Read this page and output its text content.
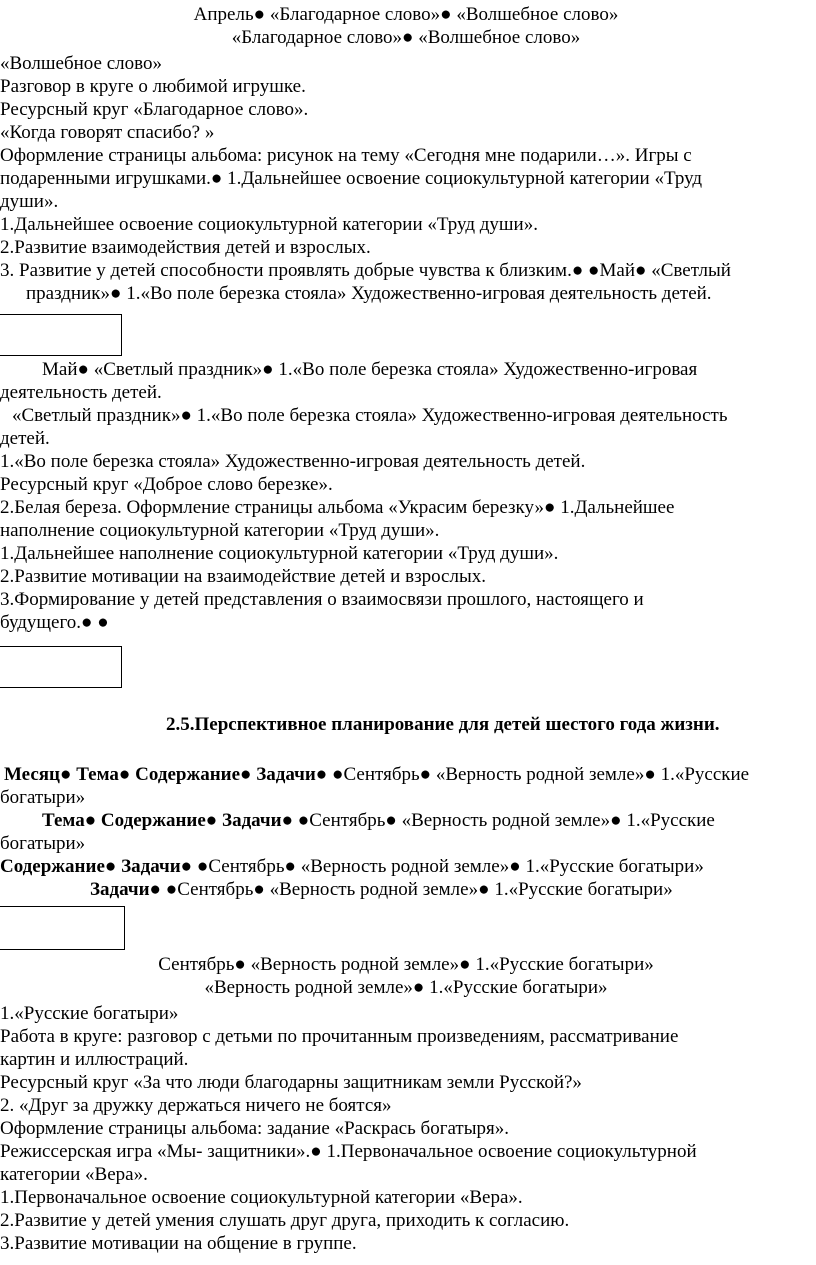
Апрель● «Благодарное слово»● «Волшебное слово»
«Благодарное слово»● «Волшебное слово»
«Волшебное слово»
Разговор в круге о любимой игрушке.
Ресурсный круг «Благодарное слово».
«Когда говорят спасибо? »
Оформление страницы альбома: рисунок на тему «Сегодня мне подарили…». Игры с
подаренными игрушками.● 1.Дальнейшее освоение социокультурной категории «Труд
души».
1.Дальнейшее освоение социокультурной категории «Труд души».
2.Развитие взаимодействия детей и взрослых.
3. Развитие у детей способности проявлять добрые чувства к близким.● ●Май● «Светлый
праздник»● 1.«Во поле березка стояла» Художественно-игровая деятельность детей.
Май● «Светлый праздник»● 1.«Во поле березка стояла» Художественно-игровая
деятельность детей.
«Светлый праздник»● 1.«Во поле березка стояла» Художественно-игровая деятельность
детей.
1.«Во поле березка стояла» Художественно-игровая деятельность детей.
Ресурсный круг «Доброе слово березке».
2.Белая береза. Оформление страницы альбома «Украсим березку»● 1.Дальнейшее
наполнение социокультурной категории «Труд души».
1.Дальнейшее наполнение социокультурной категории «Труд души».
2.Развитие мотивации на взаимодействие детей и взрослых.
3.Формирование у детей представления о взаимосвязи прошлого, настоящего и
будущего.● ●
2.5.Перспективное планирование для детей шестого года жизни.
Месяц● Тема● Содержание● Задачи● ●Сентябрь● «Верность родной земле»● 1.«Русские
богатыри»
Тема● Содержание● Задачи● ●Сентябрь● «Верность родной земле»● 1.«Русские
богатыри»
Содержание● Задачи● ●Сентябрь● «Верность родной земле»● 1.«Русские богатыри»
Задачи● ●Сентябрь● «Верность родной земле»● 1.«Русские богатыри»
Сентябрь● «Верность родной земле»● 1.«Русские богатыри»
«Верность родной земле»● 1.«Русские богатыри»
1.«Русские богатыри»
Работа в круге: разговор с детьми по прочитанным произведениям, рассматривание
картин и иллюстраций.
Ресурсный круг «За что люди благодарны защитникам земли Русской?»
2. «Друг за дружку держаться ничего не боятся»
Оформление страницы альбома: задание «Раскрась богатыря».
Режиссерская игра «Мы- защитники».● 1.Первоначальное освоение социокультурной
категории «Вера».
1.Первоначальное освоение социокультурной категории «Вера».
2.Развитие у детей умения слушать друг друга, приходить к согласию.
3.Развитие мотивации на общение в группе.
